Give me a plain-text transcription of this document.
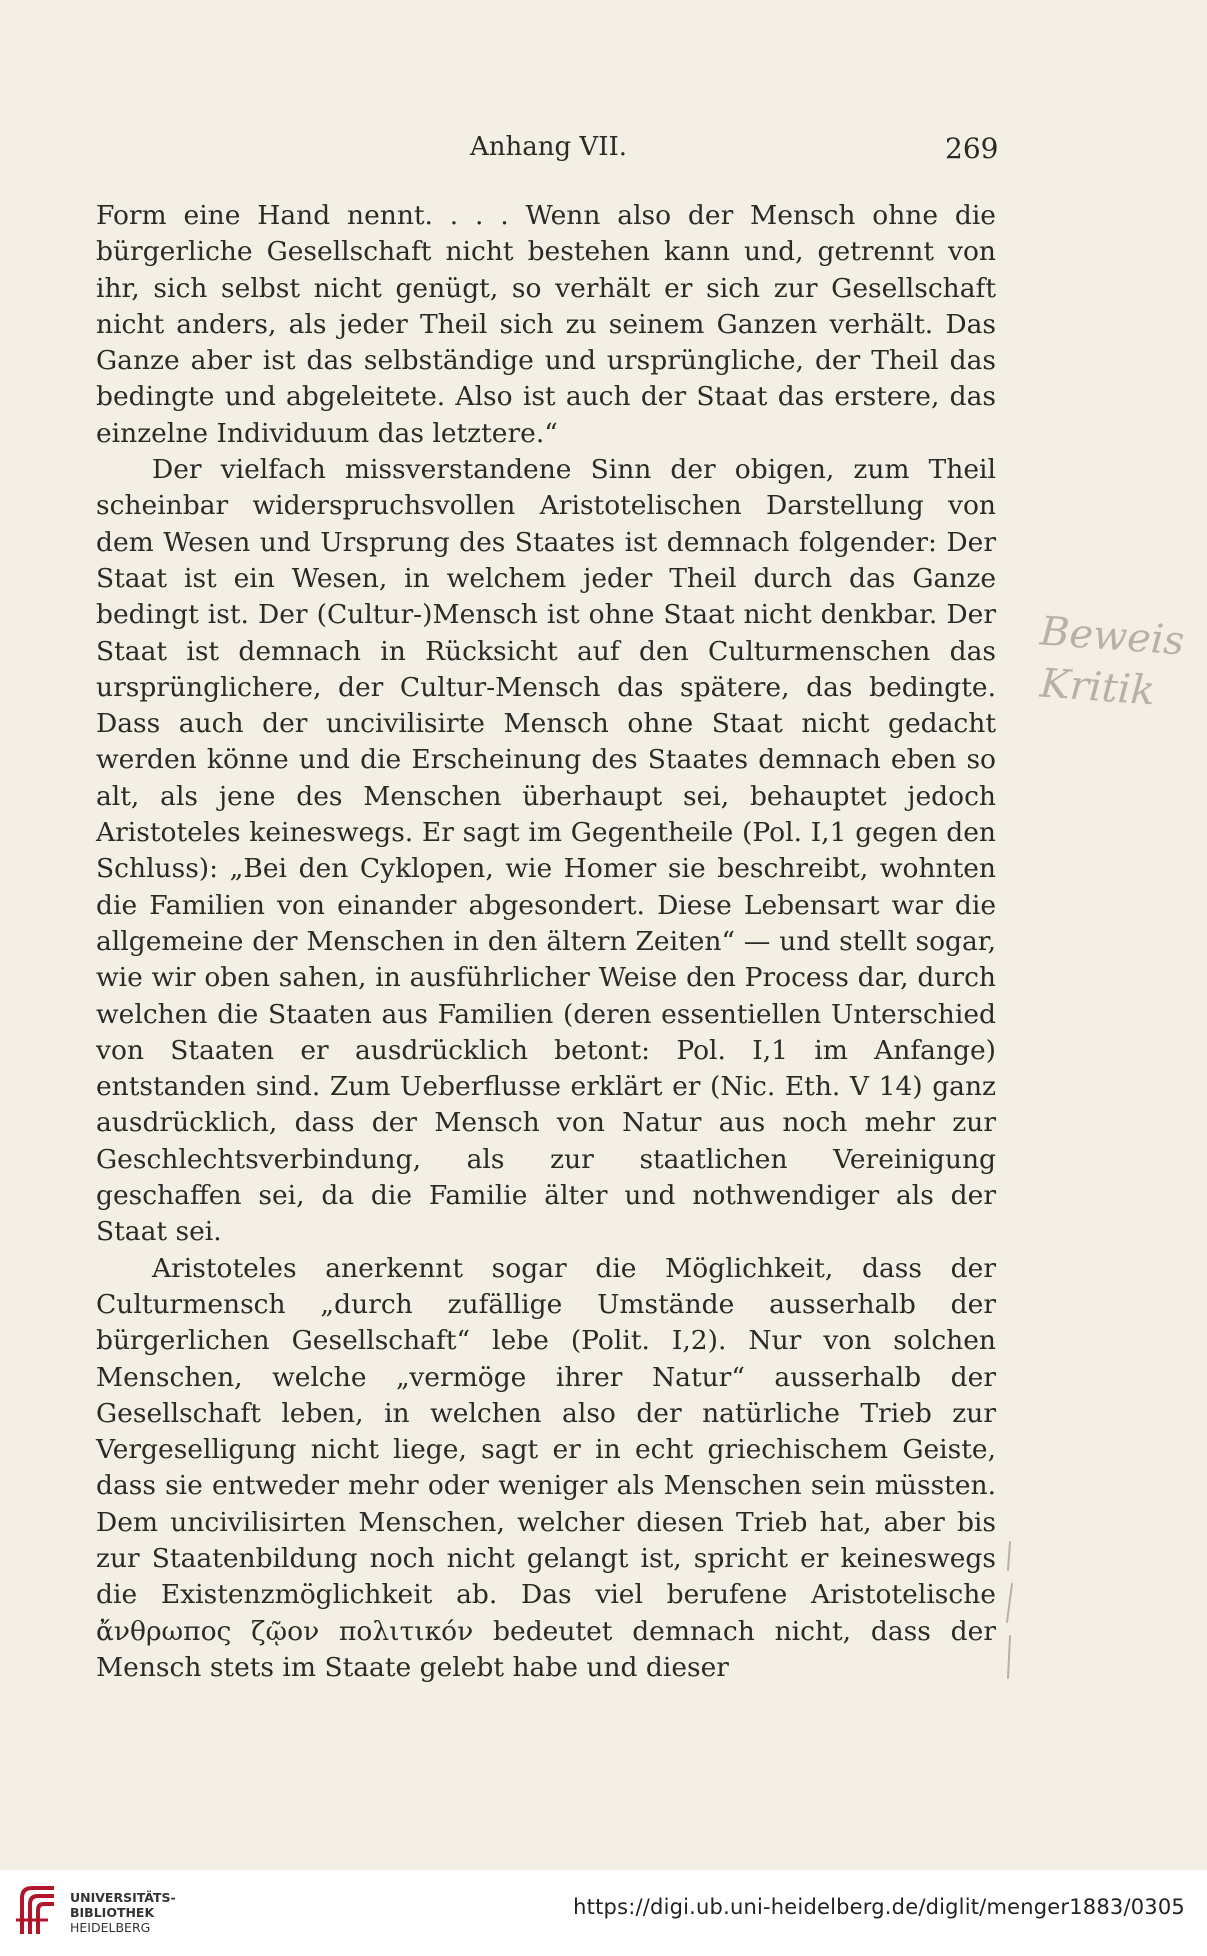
Anhang VII.	269

Form eine Hand nennt. . . . Wenn also der Mensch ohne die bürgerliche Gesellschaft nicht bestehen kann und, getrennt von ihr, sich selbst nicht genügt, so verhält er sich zur Gesellschaft nicht anders, als jeder Theil sich zu seinem Ganzen verhält. Das Ganze aber ist das selbständige und ursprüngliche, der Theil das bedingte und abgeleitete. Also ist auch der Staat das erstere, das einzelne Individuum das letztere.“

Der vielfach missverstandene Sinn der obigen, zum Theil scheinbar widerspruchsvollen Aristotelischen Darstellung von dem Wesen und Ursprung des Staates ist demnach folgender: Der Staat ist ein Wesen, in welchem jeder Theil durch das Ganze bedingt ist. Der (Cultur-)Mensch ist ohne Staat nicht denkbar. Der Staat ist demnach in Rücksicht auf den Culturmenschen das ursprünglichere, der Cultur-Mensch das spätere, das bedingte. Dass auch der uncivilisirte Mensch ohne Staat nicht gedacht werden könne und die Erscheinung des Staates demnach eben so alt, als jene des Menschen überhaupt sei, behauptet jedoch Aristoteles keineswegs. Er sagt im Gegentheile (Pol. I,1 gegen den Schluss): „Bei den Cyklopen, wie Homer sie beschreibt, wohnten die Familien von einander abgesondert. Diese Lebensart war die allgemeine der Menschen in den ältern Zeiten“ — und stellt sogar, wie wir oben sahen, in ausführlicher Weise den Process dar, durch welchen die Staaten aus Familien (deren essentiellen Unterschied von Staaten er ausdrücklich betont: Pol. I,1 im Anfange) entstanden sind. Zum Ueberflusse erklärt er (Nic. Eth. V 14) ganz ausdrücklich, dass der Mensch von Natur aus noch mehr zur Geschlechtsverbindung, als zur staatlichen Vereinigung geschaffen sei, da die Familie älter und nothwendiger als der Staat sei.

Aristoteles anerkennt sogar die Möglichkeit, dass der Culturmensch „durch zufällige Umstände ausserhalb der bürgerlichen Gesellschaft“ lebe (Polit. I,2). Nur von solchen Menschen, welche „vermöge ihrer Natur“ ausserhalb der Gesellschaft leben, in welchen also der natürliche Trieb zur Vergeselligung nicht liege, sagt er in echt griechischem Geiste, dass sie entweder mehr oder weniger als Menschen sein müssten. Dem uncivilisirten Menschen, welcher diesen Trieb hat, aber bis zur Staatenbildung noch nicht gelangt ist, spricht er keineswegs die Existenzmöglichkeit ab. Das viel berufene Aristotelische ἄνθρωπος ζῷον πολιτικόν bedeutet demnach nicht, dass der Mensch stets im Staate gelebt habe und dieser

Beweis
Kritik
UNIVERSITÄTS-
BIBLIOTHEK
HEIDELBERG
https://digi.ub.uni-heidelberg.de/diglit/menger1883/0305
